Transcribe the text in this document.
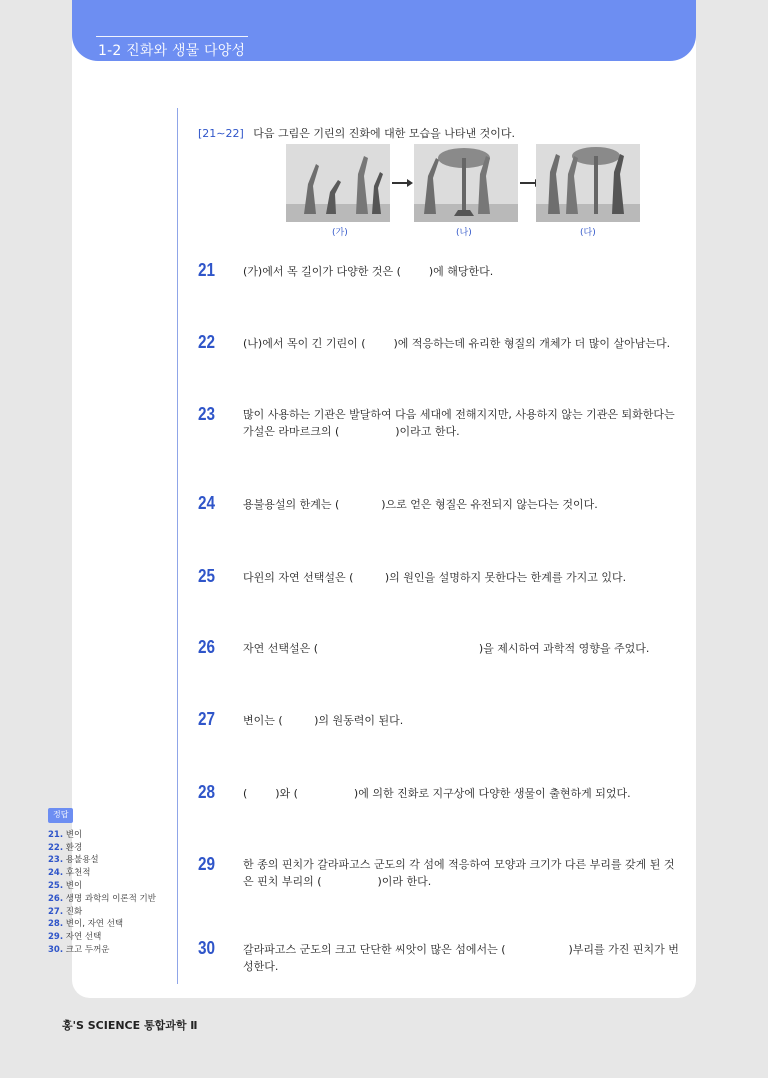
1-2 진화와 생물 다양성
[21∼22] 다음 그림은 기린의 진화에 대한 모습을 나타낸 것이다.
(가)	(나)	(다)
21	(가)에서 목 길이가 다양한 것은 (        )에 해당한다.
22	(나)에서 목이 긴 기린이 (        )에 적응하는데 유리한 형질의 개체가 더 많이 살아남는다.
23	많이 사용하는 기관은 발달하여 다음 세대에 전해지지만, 사용하지 않는 기관은 퇴화한다는
가설은 라마르크의 (                )이라고 한다.
24	용불용설의 한계는 (            )으로 얻은 형질은 유전되지 않는다는 것이다.
25	다윈의 자연 선택설은 (         )의 원인을 설명하지 못한다는 한계를 가지고 있다.
26	자연 선택설은 (                                              )을 제시하여 과학적 영향을 주었다.
27	변이는 (         )의 원동력이 된다.
28	(        )와 (                )에 의한 진화로 지구상에 다양한 생물이 출현하게 되었다.
29	한 종의 핀치가 갈라파고스 군도의 각 섬에 적응하여 모양과 크기가 다른 부리를 갖게 된 것
은 핀치 부리의 (                )이라 한다.
30	갈라파고스 군도의 크고 단단한 씨앗이 많은 섬에서는 (                  )부리를 가진 핀치가 번
성한다.
정답
21. 변이
22. 환경
23. 용불용설
24. 후천적
25. 변이
26. 생명 과학의 이론적 기반
27. 진화
28. 변이, 자연 선택
29. 자연 선택
30. 크고 두꺼운
홍'S SCIENCE 통합과학 Ⅱ
